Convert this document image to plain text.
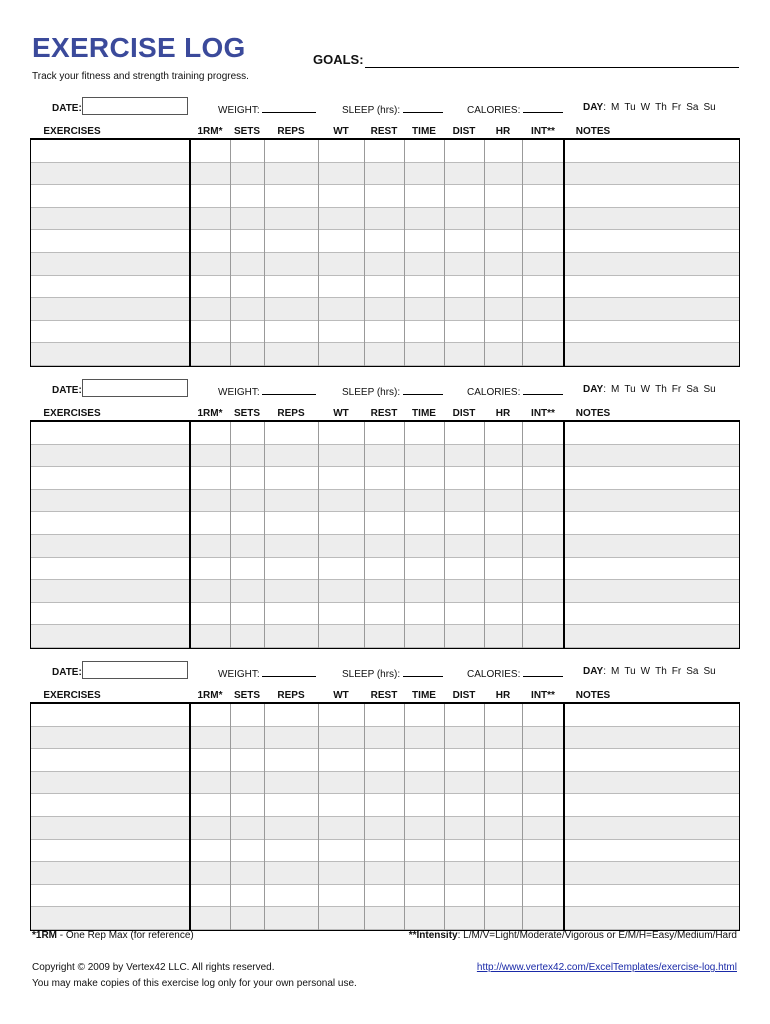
EXERCISE LOG	GOALS:
Track your fitness and strength training progress.
DATE:	WEIGHT:	SLEEP (hrs):	CALORIES:	DAY: M Tu W Th Fr Sa Su
EXERCISES	1RM* SETS REPS	WT REST TIME DIST HR INT** NOTES
DATE:	WEIGHT:	SLEEP (hrs):	CALORIES:	DAY: M Tu W Th Fr Sa Su
EXERCISES	1RM* SETS REPS	WT REST TIME DIST HR INT** NOTES
DATE:	WEIGHT:	SLEEP (hrs):	CALORIES:	DAY: M Tu W Th Fr Sa Su
EXERCISES	1RM* SETS REPS	WT REST TIME DIST HR INT** NOTES
*1RM - One Rep Max (for reference)	**Intensity: L/M/V=Light/Moderate/Vigorous or E/M/H=Easy/Medium/Hard
Copyright © 2009 by Vertex42 LLC. All rights reserved.	http://www.vertex42.com/ExcelTemplates/exercise-log.html
You may make copies of this exercise log only for your own personal use.
